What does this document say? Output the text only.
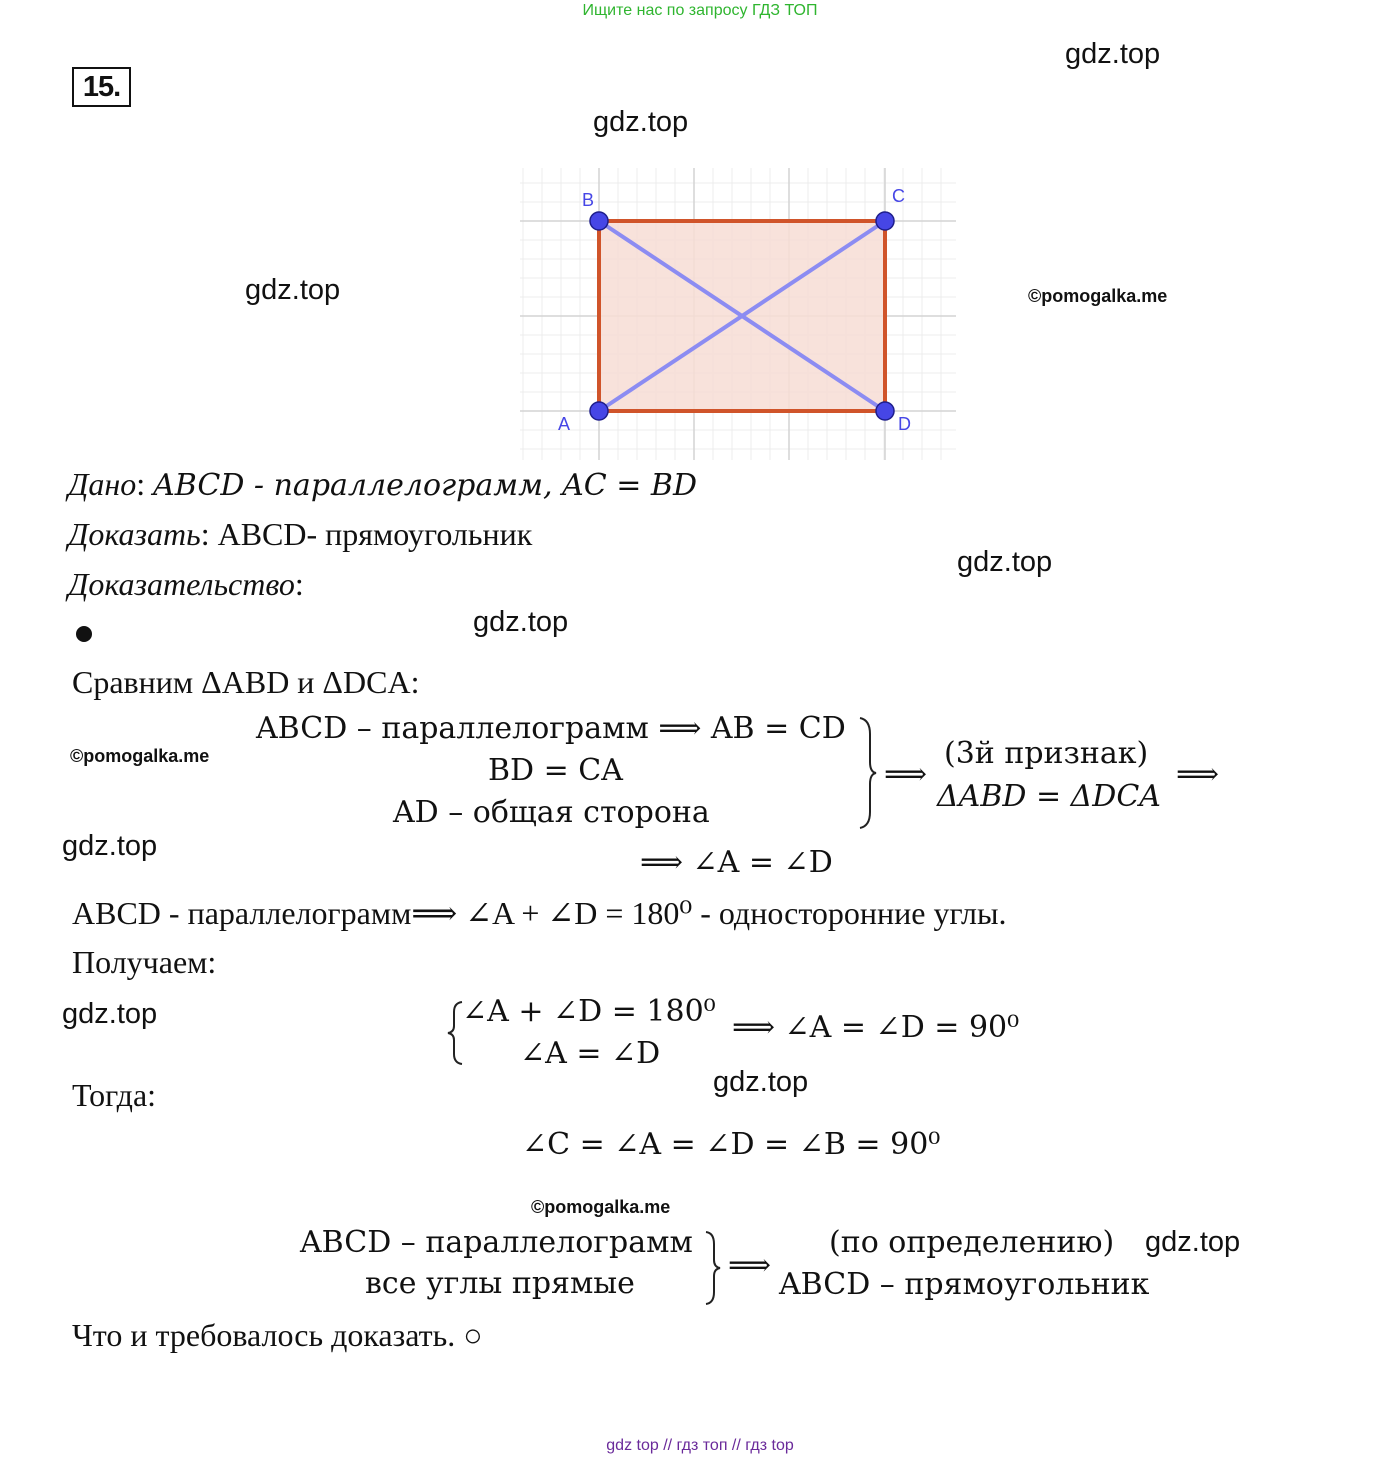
Ищите нас по запросу ГДЗ ТОП
15.
gdz.top
gdz.top
gdz.top	©pomogalka.me
gdz.top
gdz.top
©pomogalka.me
gdz.top
gdz.top
gdz.top
©pomogalka.me
gdz.top
B	C
A	D
Дано: ABCD - параллелограмм, AC = BD
Доказать: ABCD- прямоугольник
Доказательство:
Сравним ΔABD и ΔDCA:
ABCD – параллелограмм ⟹ AB = CD
BD = CA
AD – общая сторона
⟹
(3й признак)
ΔABD = ΔDCA
⟹
⟹ ∠A = ∠D
ABCD - параллелограмм⟹ ∠A + ∠D = 180⁰ - односторонние углы.
Получаем:
∠A + ∠D = 180⁰
∠A = ∠D
⟹ ∠A = ∠D = 90⁰
Тогда:
∠C = ∠A = ∠D = ∠B = 90⁰
ABCD – параллелограмм
все углы прямые
⟹
(по определению)
ABCD – прямоугольник
Что и требовалось доказать. ○
gdz top // гдз топ // гдз top
